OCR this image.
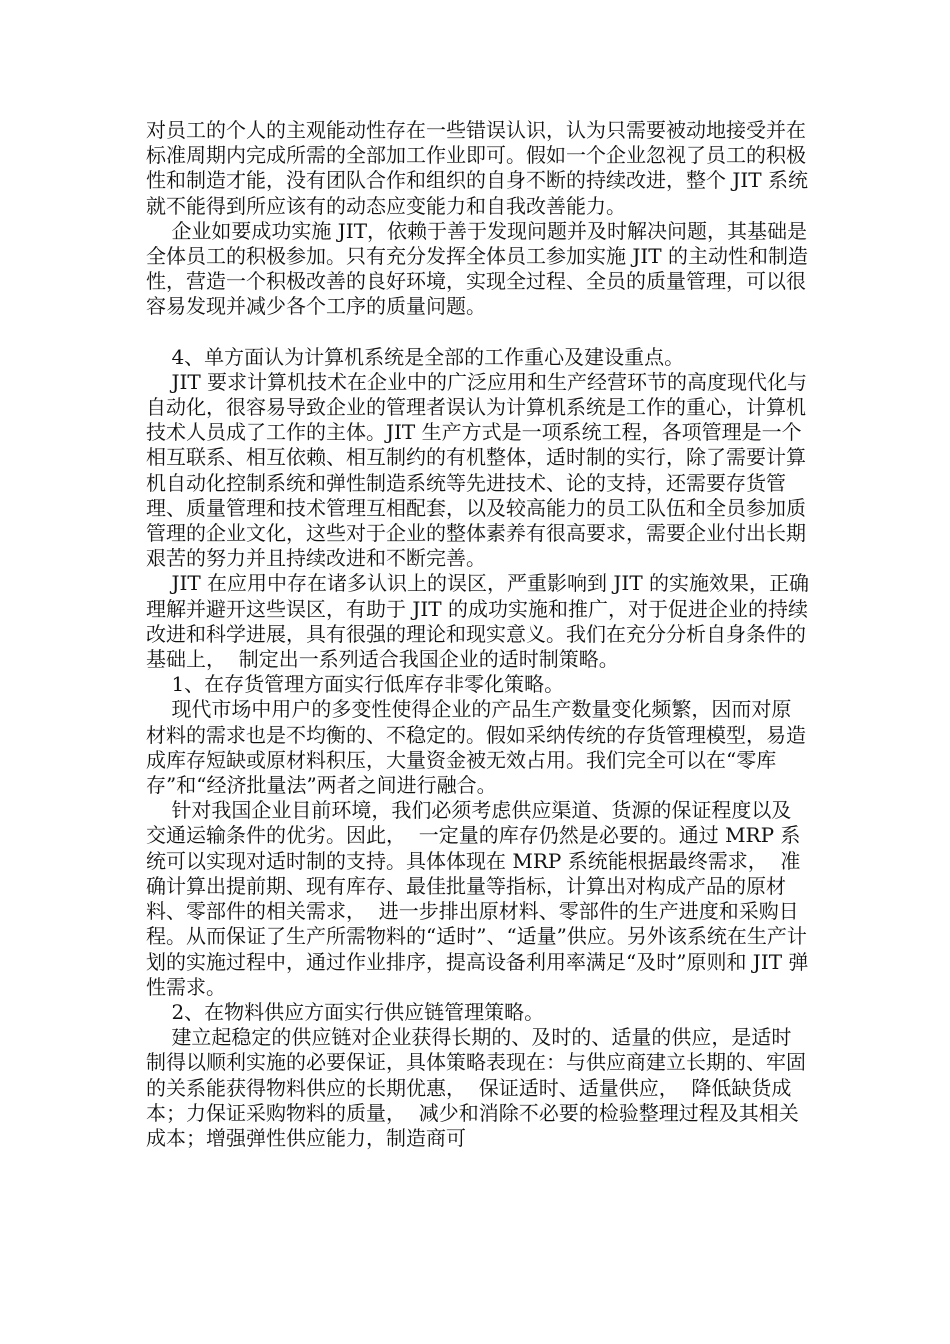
对员工的个人的主观能动性存在一些错误认识，认为只需要被动地接受并在标准周期内完成所需的全部加工作业即可。假如一个企业忽视了员工的积极性和制造才能，没有团队合作和组织的自身不断的持续改进，整个 JIT 系统就不能得到所应该有的动态应变能力和自我改善能力。

企业如要成功实施 JIT，依赖于善于发现问题并及时解决问题，其基础是全体员工的积极参加。只有充分发挥全体员工参加实施 JIT 的主动性和制造性，营造一个积极改善的良好环境，实现全过程、全员的质量管理，可以很容易发现并减少各个工序的质量问题。

4、单方面认为计算机系统是全部的工作重心及建设重点。

JIT 要求计算机技术在企业中的广泛应用和生产经营环节的高度现代化与自动化，很容易导致企业的管理者误认为计算机系统是工作的重心，计算机技术人员成了工作的主体。JIT 生产方式是一项系统工程，各项管理是一个相互联系、相互依赖、相互制约的有机整体，适时制的实行，除了需要计算机自动化控制系统和弹性制造系统等先进技术、论的支持，还需要存货管理、质量管理和技术管理互相配套，以及较高能力的员工队伍和全员参加质管理的企业文化，这些对于企业的整体素养有很高要求，需要企业付出长期艰苦的努力并且持续改进和不断完善。

JIT 在应用中存在诸多认识上的误区，严重影响到 JIT 的实施效果，正确理解并避开这些误区，有助于 JIT 的成功实施和推广，对于促进企业的持续改进和科学进展，具有很强的理论和现实意义。我们在充分分析自身条件的基础上，  制定出一系列适合我国企业的适时制策略。

1、在存货管理方面实行低库存非零化策略。

现代市场中用户的多变性使得企业的产品生产数量变化频繁，因而对原材料的需求也是不均衡的、不稳定的。假如采纳传统的存货管理模型，易造成库存短缺或原材料积压，大量资金被无效占用。我们完全可以在“零库存”和“经济批量法”两者之间进行融合。

针对我国企业目前环境，我们必须考虑供应渠道、货源的保证程度以及交通运输条件的优劣。因此，  一定量的库存仍然是必要的。通过 MRP 系统可以实现对适时制的支持。具体体现在 MRP 系统能根据最终需求，  准确计算出提前期、现有库存、最佳批量等指标，计算出对构成产品的原材料、零部件的相关需求，  进一步排出原材料、零部件的生产进度和采购日程。从而保证了生产所需物料的“适时”、“适量”供应。另外该系统在生产计划的实施过程中，通过作业排序，提高设备利用率满足“及时”原则和 JIT 弹性需求。

2、在物料供应方面实行供应链管理策略。

建立起稳定的供应链对企业获得长期的、及时的、适量的供应，是适时制得以顺利实施的必要保证，具体策略表现在：与供应商建立长期的、牢固的关系能获得物料供应的长期优惠，  保证适时、适量供应，  降低缺货成本；力保证采购物料的质量，  减少和消除不必要的检验整理过程及其相关成本；增强弹性供应能力，制造商可
